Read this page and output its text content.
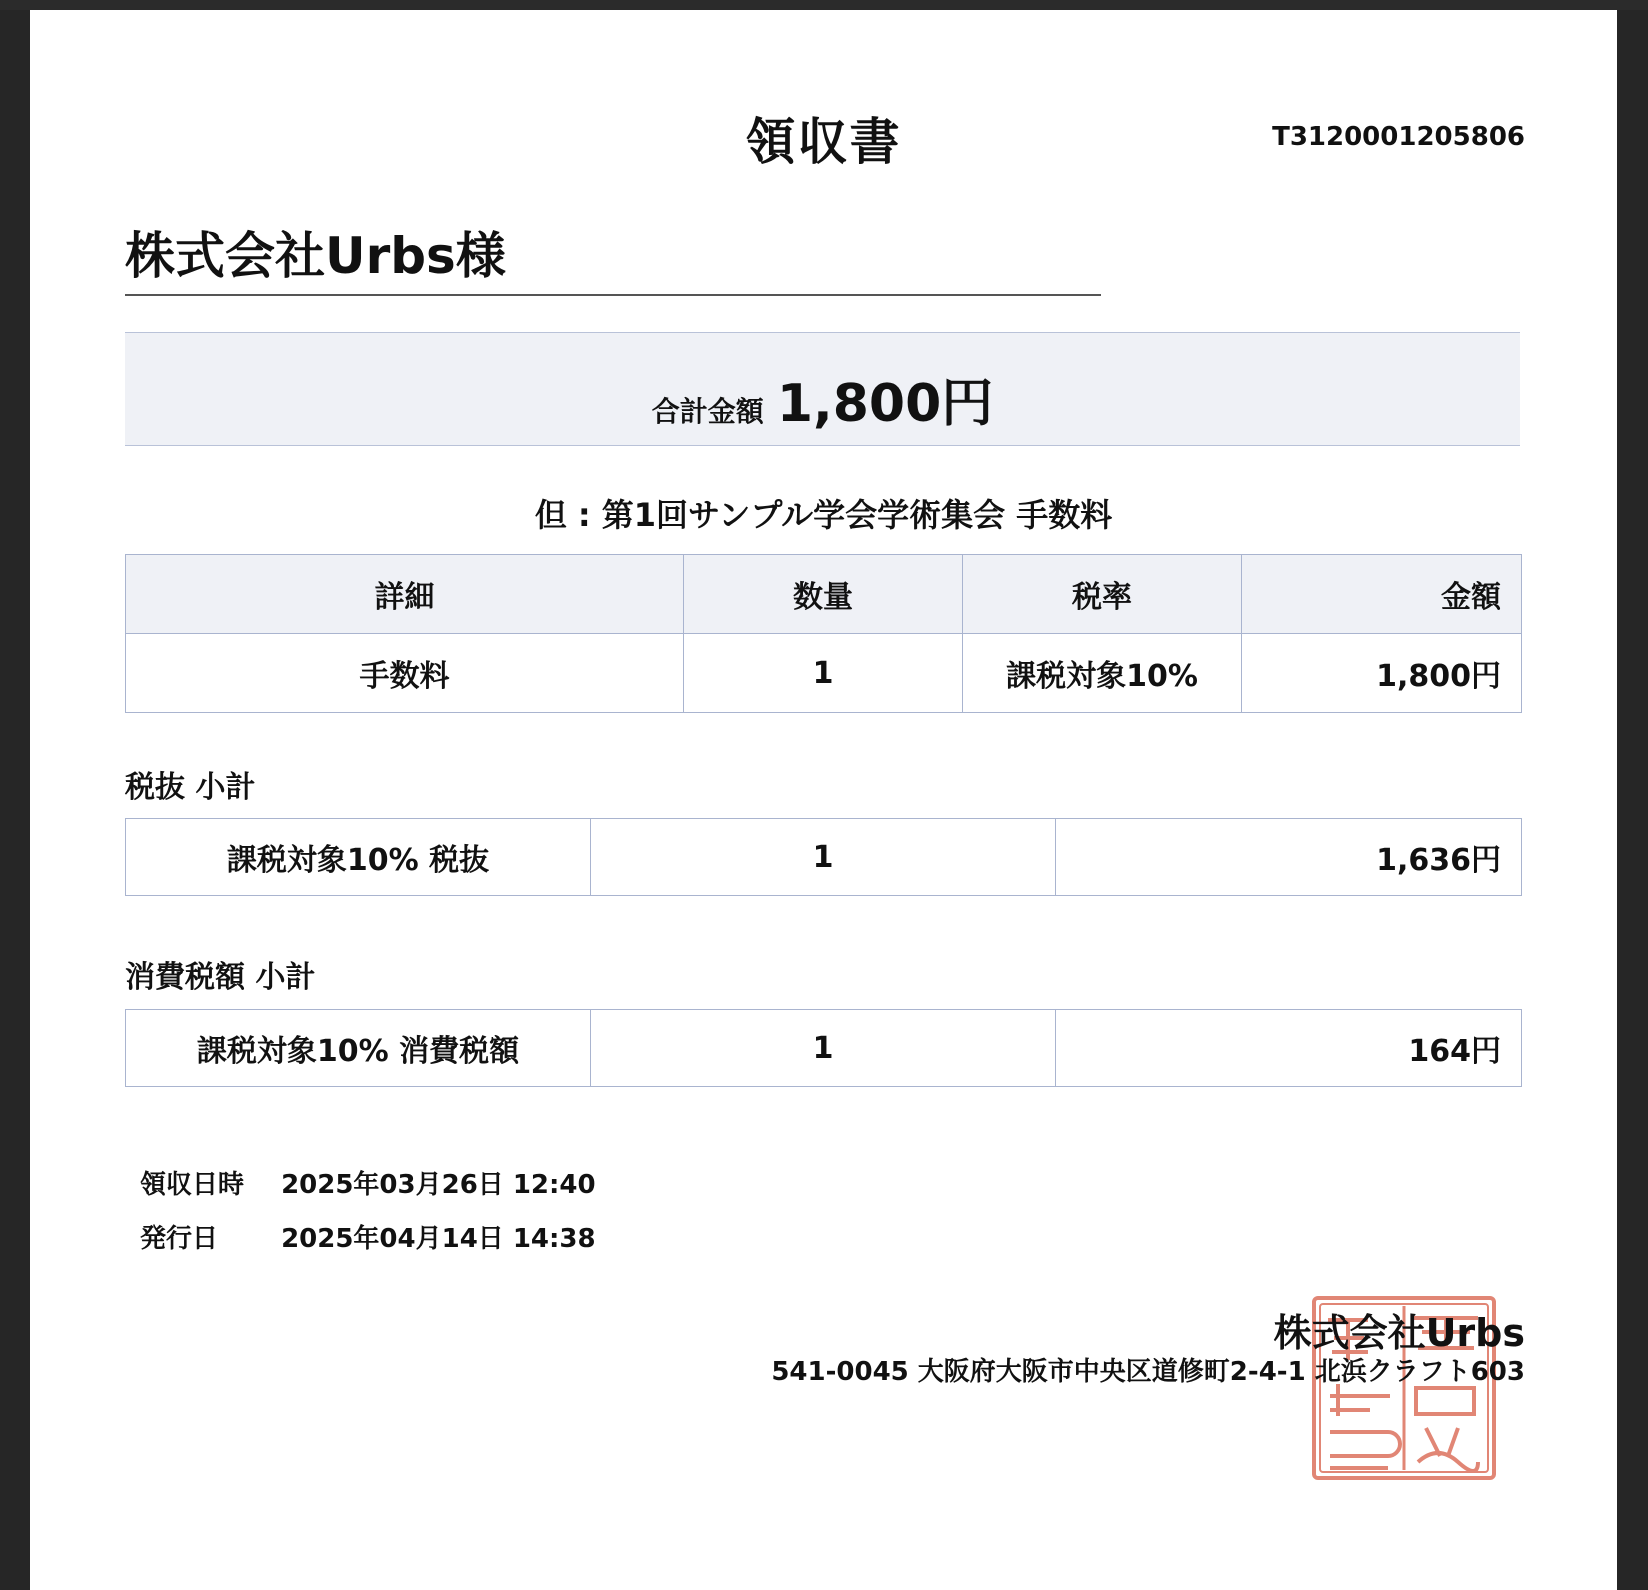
領収書	T3120001205806
株式会社Urbs様
合計金額 1,800円
但 : 第1回サンプル学会学術集会 手数料
詳細	数量	税率	金額
手数料	1	課税対象10%	1,800円
税抜 小計
課税対象10% 税抜	1	1,636円
消費税額 小計
課税対象10% 消費税額	1	164円
領収日時 2025年03月26日 12:40
発行日 2025年04月14日 14:38
株式会社Urbs
541-0045 大阪府大阪市中央区道修町2-4-1 北浜クラフト603
